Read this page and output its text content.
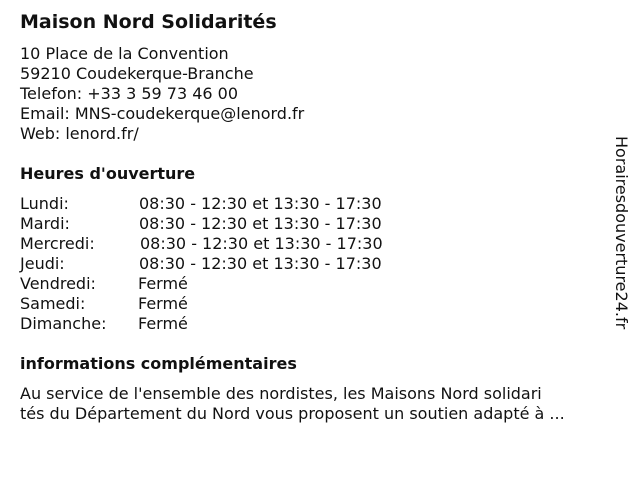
Maison Nord Solidarités
10 Place de la Convention
59210 Coudekerque-Branche
Telefon: +33 3 59 73 46 00
Email: MNS-coudekerque@lenord.fr
Web: lenord.fr/
Heures d'ouverture
Lundi:	08:30 - 12:30 et 13:30 - 17:30
Mardi:	08:30 - 12:30 et 13:30 - 17:30
Mercredi:	08:30 - 12:30 et 13:30 - 17:30
Jeudi:	08:30 - 12:30 et 13:30 - 17:30
Vendredi:	Fermé
Samedi:	Fermé
Dimanche: Fermé
informations complémentaires
Au service de l'ensemble des nordistes, les Maisons Nord solidari
tés du Département du Nord vous proposent un soutien adapté à ...
Horairesdouverture24.fr
